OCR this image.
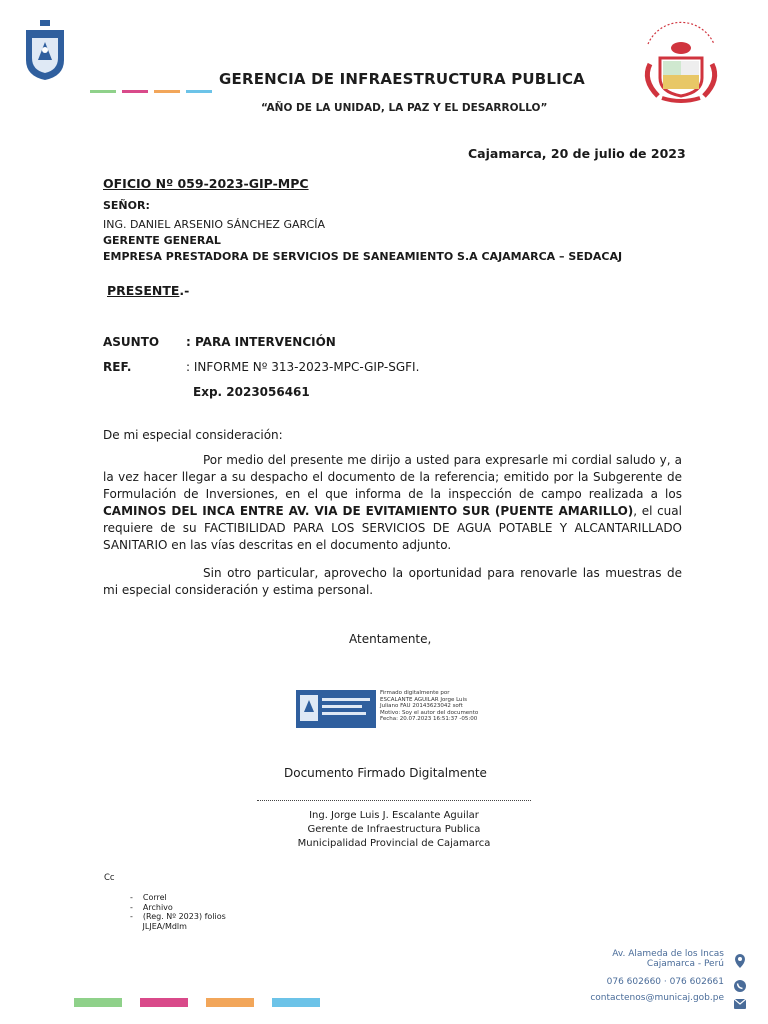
GERENCIA DE INFRAESTRUCTURA PUBLICA
“AÑO DE LA UNIDAD, LA PAZ Y EL DESARROLLO”
Cajamarca, 20 de julio de 2023
OFICIO Nº 059-2023-GIP-MPC
SEÑOR:
ING. DANIEL ARSENIO SÁNCHEZ GARCÍA
GERENTE GENERAL
EMPRESA PRESTADORA DE SERVICIOS DE SANEAMIENTO S.A CAJAMARCA – SEDACAJ
PRESENTE.-
ASUNTO : PARA INTERVENCIÓN
REF.	: INFORME Nº 313-2023-MPC-GIP-SGFI.
Exp. 2023056461
De mi especial consideración:

Por medio del presente me dirijo a usted para expresarle mi cordial saludo y, a la vez hacer llegar a su despacho el documento de la referencia; emitido por la Subgerente de Formulación de Inversiones, en el que informa de la inspección de campo realizada a los CAMINOS DEL INCA ENTRE AV. VIA DE EVITAMIENTO SUR (PUENTE AMARILLO), el cual requiere de su FACTIBILIDAD PARA LOS SERVICIOS DE AGUA POTABLE Y ALCANTARILLADO SANITARIO en las vías descritas en el documento adjunto.

Sin otro particular, aprovecho la oportunidad para renovarle las muestras de mi especial consideración y estima personal.

Atentamente,
Firmado digitalmente por
ESCALANTE AGUILAR Jorge Luis
Juliano FAU 20143623042 soft
Motivo: Soy el autor del documento
Fecha: 20.07.2023 16:51:37 -05:00
Documento Firmado Digitalmente
Ing. Jorge Luis J. Escalante Aguilar
Gerente de Infraestructura Publica
Municipalidad Provincial de Cajamarca
Cc
- Correl
- Archivo
- (Reg. Nº 2023) folios

JLJEA/Mdlm
Av. Alameda de los Incas
Cajamarca - Perú
076 602660 · 076 602661
contactenos@municaj.gob.pe
